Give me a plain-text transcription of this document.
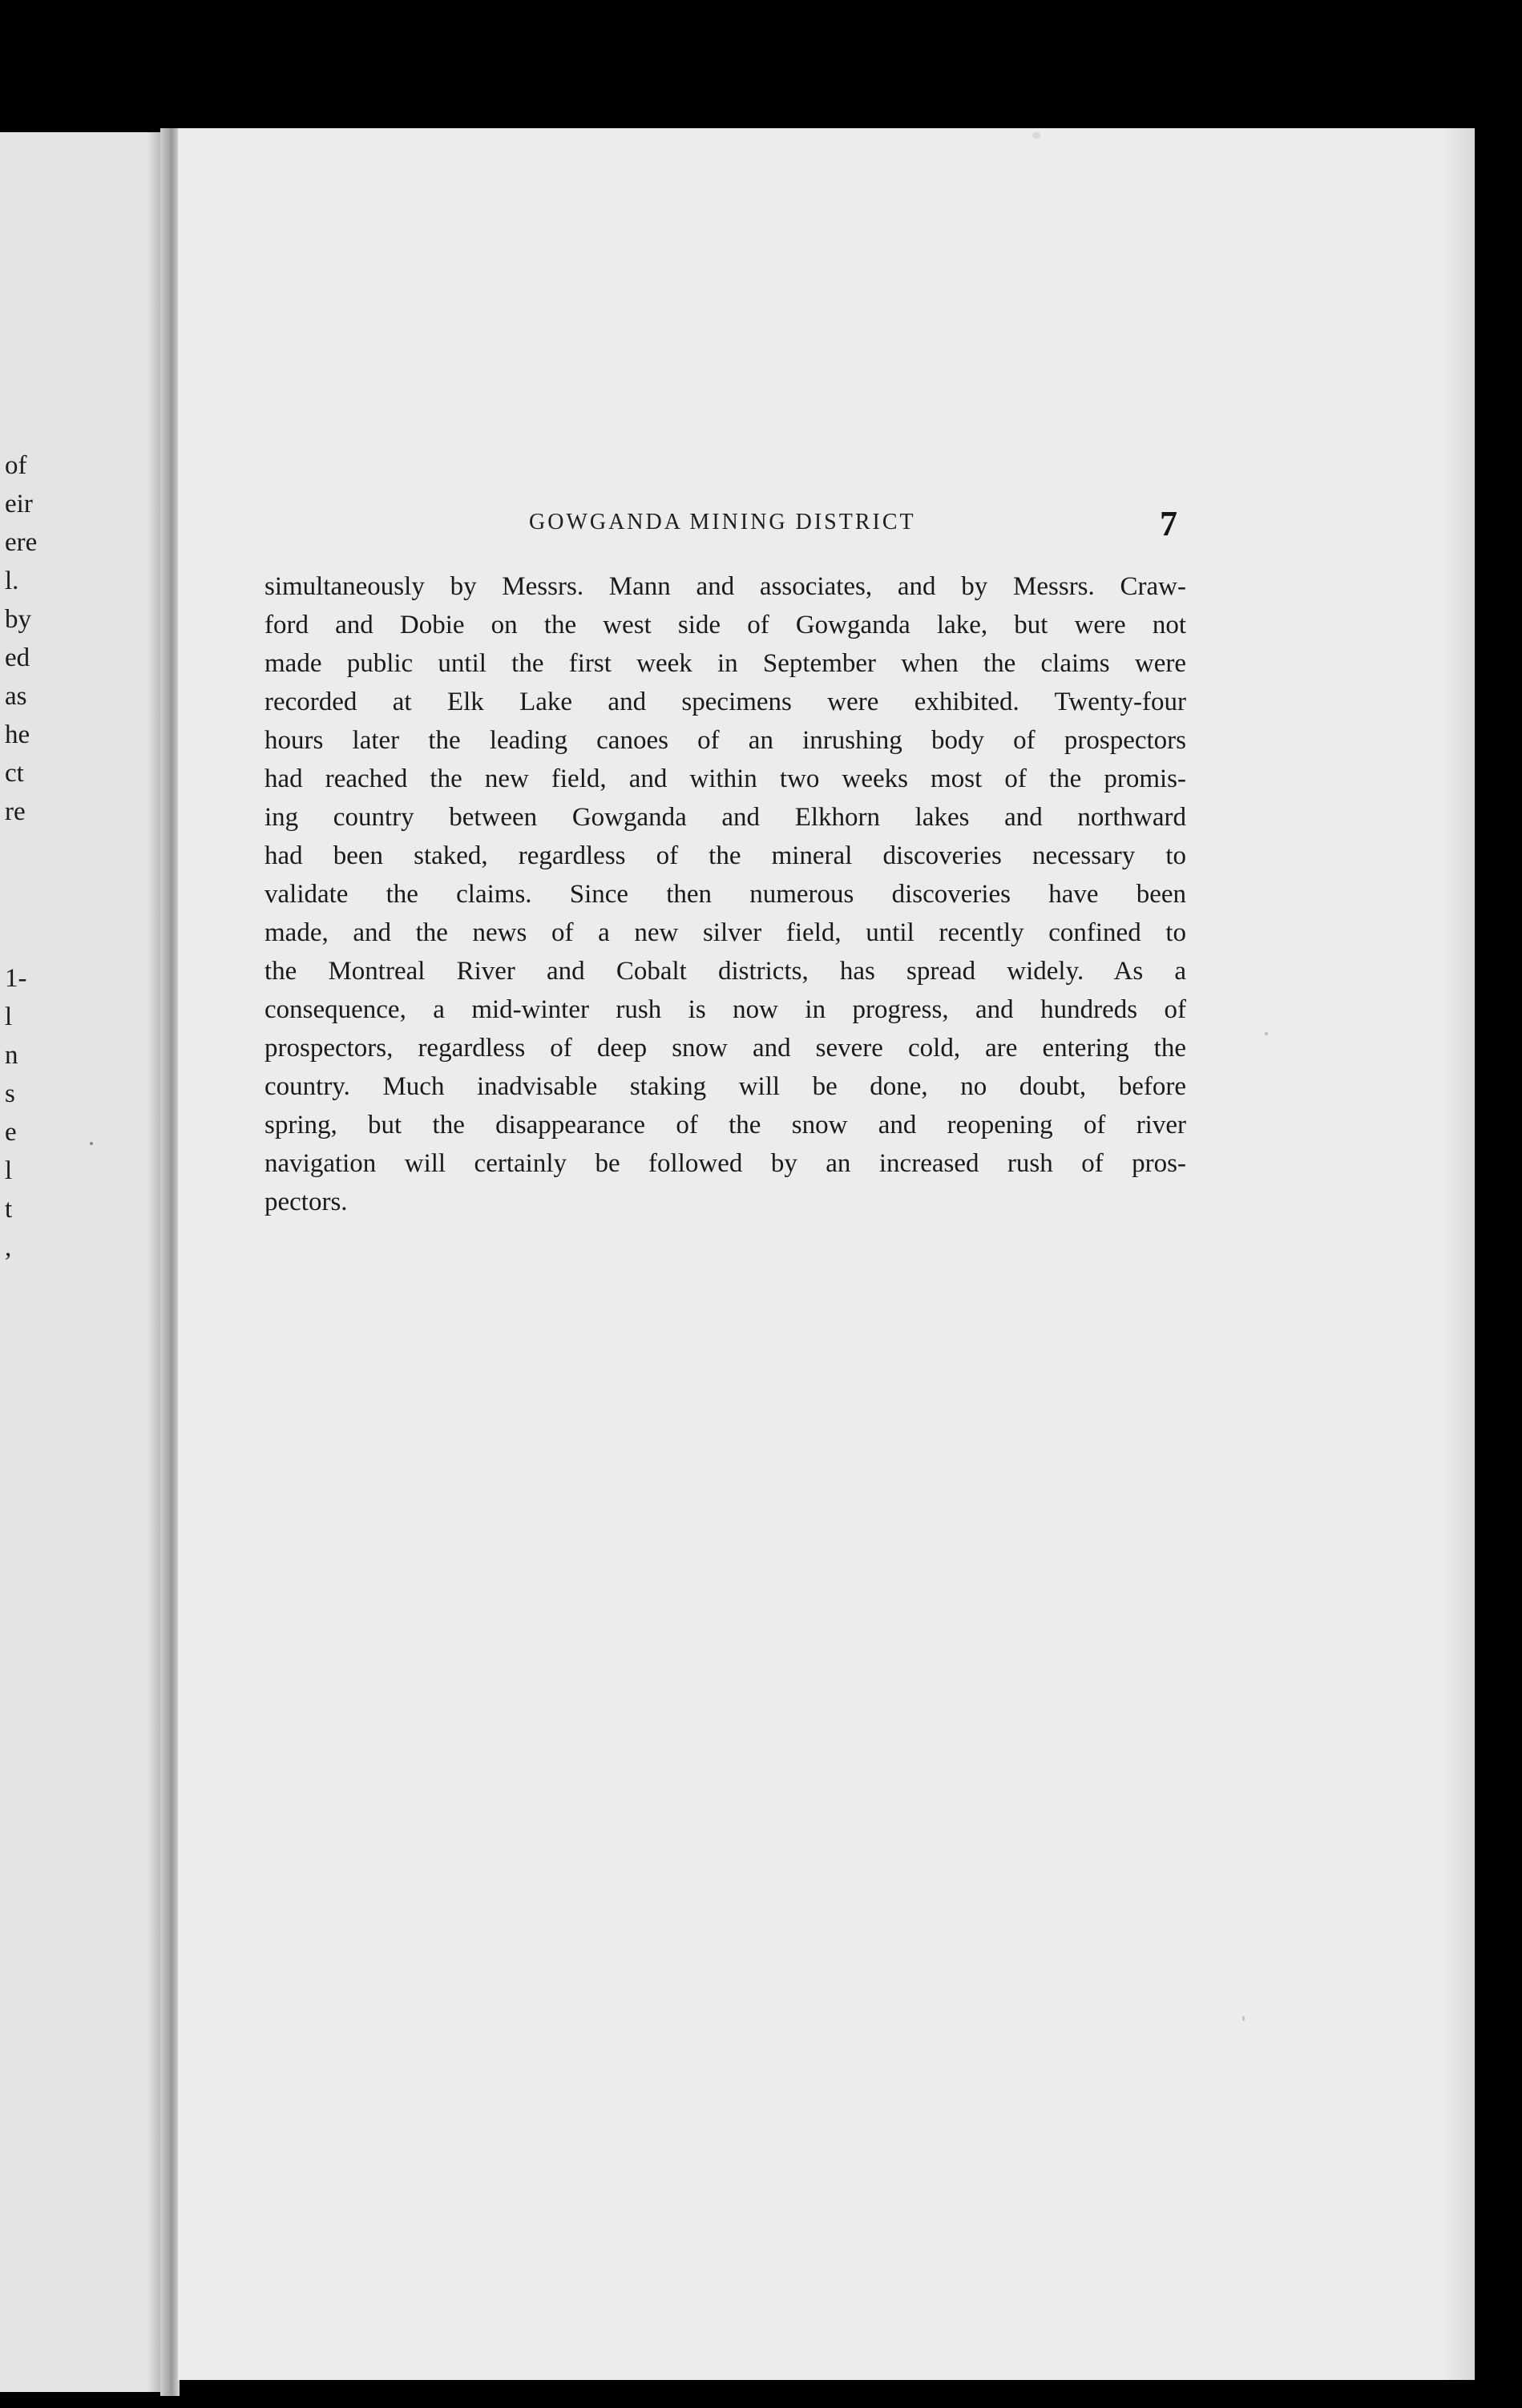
of
eir
ere
l.
by
ed
as
he
ct
re
1-
l
n
s
e
l
t
,
GOWGANDA MINING DISTRICT	7
simultaneously by Messrs. Mann and associates, and by Messrs. Craw-
ford and Dobie on the west side of Gowganda lake, but were not
made public until the first week in September when the claims were
recorded at Elk Lake and specimens were exhibited. Twenty-four
hours later the leading canoes of an inrushing body of prospectors
had reached the new field, and within two weeks most of the promis-
ing country between Gowganda and Elkhorn lakes and northward
had been staked, regardless of the mineral discoveries necessary to
validate the claims. Since then numerous discoveries have been
made, and the news of a new silver field, until recently confined to
the Montreal River and Cobalt districts, has spread widely. As a
consequence, a mid-winter rush is now in progress, and hundreds of
prospectors, regardless of deep snow and severe cold, are entering the
country. Much inadvisable staking will be done, no doubt, before
spring, but the disappearance of the snow and reopening of river
navigation will certainly be followed by an increased rush of pros-
pectors.
